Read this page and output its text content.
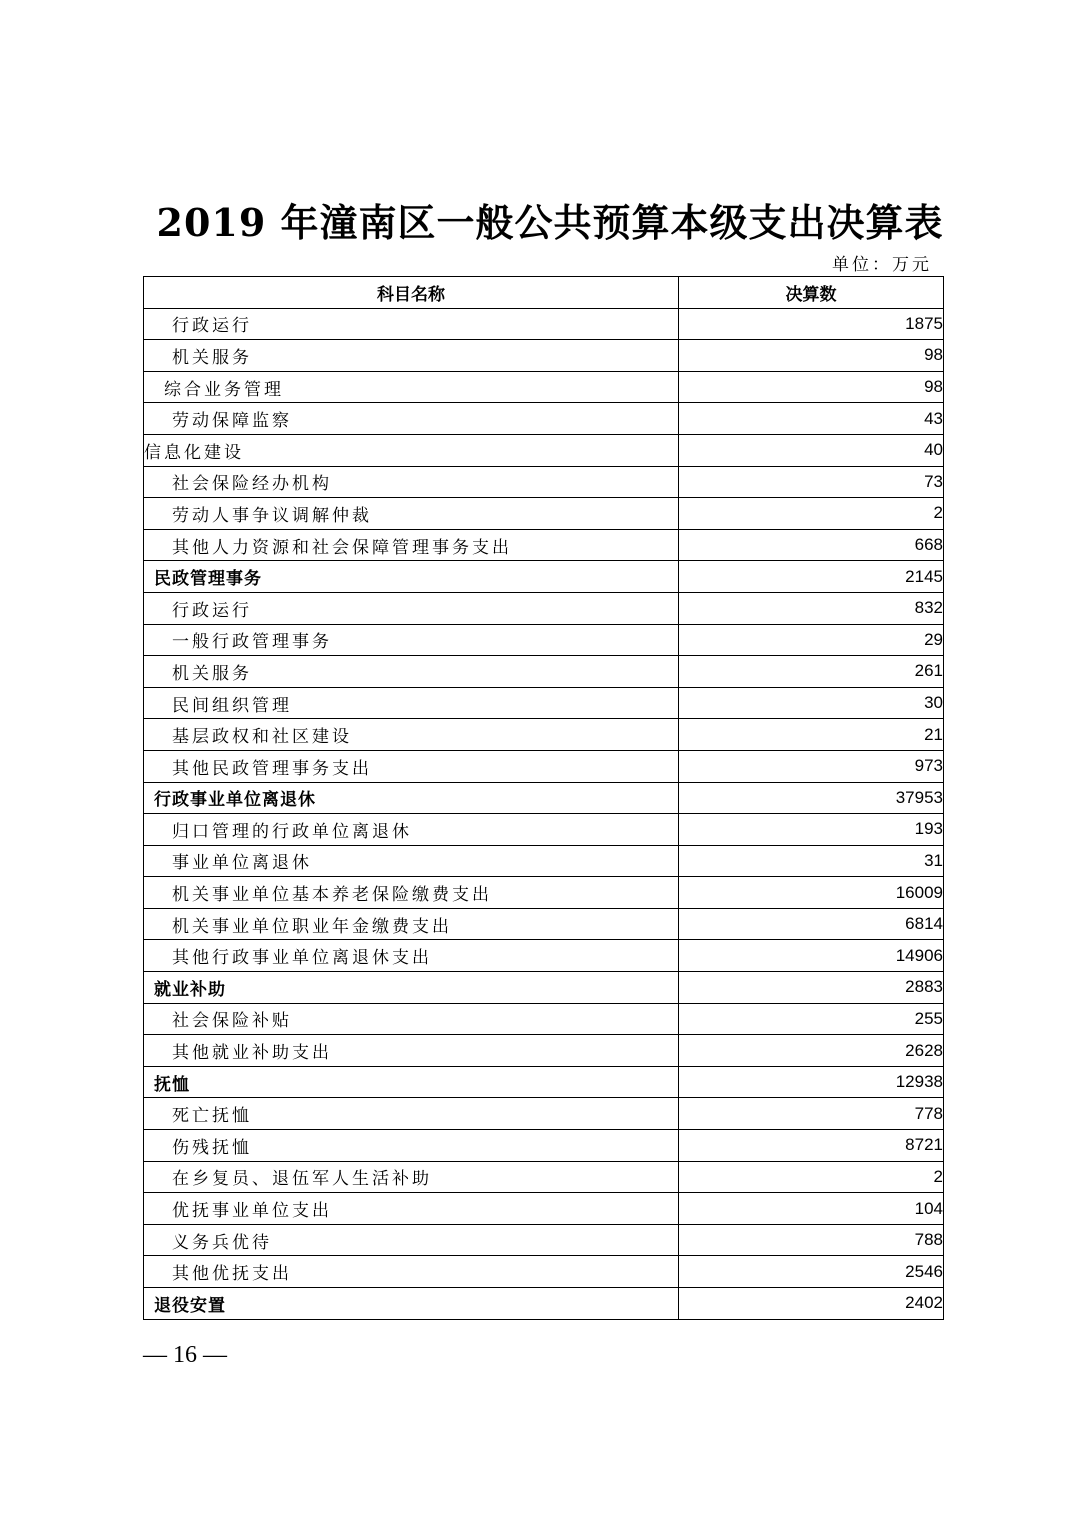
2019 年潼南区一般公共预算本级支出决算表
单位：万元
科目名称	决算数
行政运行	1875
机关服务	98
综合业务管理	98
劳动保障监察	43
信息化建设	40
社会保险经办机构	73
劳动人事争议调解仲裁	2
其他人力资源和社会保障管理事务支出	668
民政管理事务	2145
行政运行	832
一般行政管理事务	29
机关服务	261
民间组织管理	30
基层政权和社区建设	21
其他民政管理事务支出	973
行政事业单位离退休	37953
归口管理的行政单位离退休	193
事业单位离退休	31
机关事业单位基本养老保险缴费支出	16009
机关事业单位职业年金缴费支出	6814
其他行政事业单位离退休支出	14906
就业补助	2883
社会保险补贴	255
其他就业补助支出	2628
抚恤	12938
死亡抚恤	778
伤残抚恤	8721
在乡复员、退伍军人生活补助	2
优抚事业单位支出	104
义务兵优待	788
其他优抚支出	2546
退役安置	2402
— 16 —
